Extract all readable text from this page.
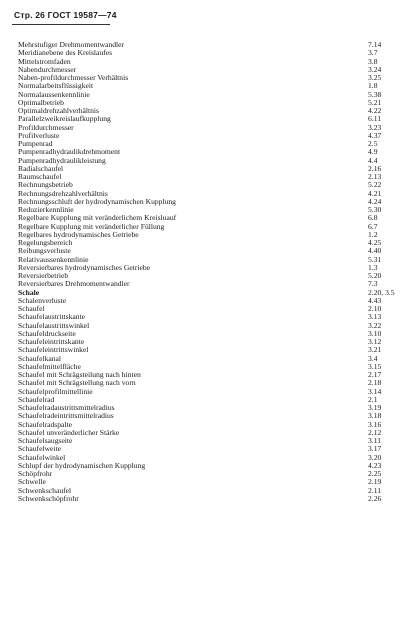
Стр. 26 ГОСТ 19587—74
Mehrstufiger Drehmomentwandler	7.14
Meridianebene des Kreislaufes	3.7
Mittelstromfaden	3.8
Nabendurchmesser	3.24
Naben-profildurchmesser Verhältnis	3.25
Normalarbeitsflüssigkeit	1.8
Normalaussenkennlinie	5.38
Optimalbetrieb	5.21
Optimaldrehzahlverhältnis	4.22
Parallelzweikreislaufkupplung	6.11
Profildurchmesser	3.23
Profilverluste	4.37
Pumpenrad	2.5
Pumpenradhydraulikdrehmoment	4.9
Pumpenradhydraulikleistung	4.4
Radialschaufel	2.16
Raumschaufel	2.13
Rechnungsbetrieb	5.22
Rechnungsdrehzahlverhältnis	4.21
Rechnungsschluft der hydrodynamischen Kupplung	4.24
Reduzierkennlinie	5.30
Regelbare Kupplung mit veränderlichem Kreisluauf	6.8
Regelbare Kupplung mit veränderlicher Füllung	6.7
Regelbares hydrodynamisches Getriebe	1.2
Regelungsbereich	4.25
Reibungsverluste	4.40
Relativaussenkennlinie	5.31
Reversierbares hydrodynamisches Getriebe	1.3
Reversierbetrieb	5.20
Reversierbares Drehmomentwandler	7.3
Schale	2.20, 3.5
Schalenverluste	4.43
Schaufel	2.10
Schaufelaustrittskante	3.13
Schaufelaustrittswinkel	3.22
Schaufeldruckseite	3.10
Schaufeleintrittskante	3.12
Schaufeleintrittswinkel	3.21
Schaufelkanal	3.4
Schaufelmittelfläche	3.15
Schaufel mit Schrägsteilung nach hinten	2.17
Schaufel mit Schrägstellung nach vorn	2.18
Schaufelprofilmittellinie	3.14
Schaufelrad	2.1
Schaufelradaustrittsmittelradius	3.19
Schaufelradeintrittsmittelradius	3.18
Schaufelradspalte	3.16
Schaufel unveränderlicher Stärke	2.12
Schaufelsaugseite	3.11
Schaufelweite	3.17
Schaufelwinkel	3.20
Schlupf der hydrodynamischen Kupplung	4.23
Schöpfrohr	2.25
Schwelle	2.19
Schwenkschaufel	2.11
Schwenkschöpfrohr	2.26
